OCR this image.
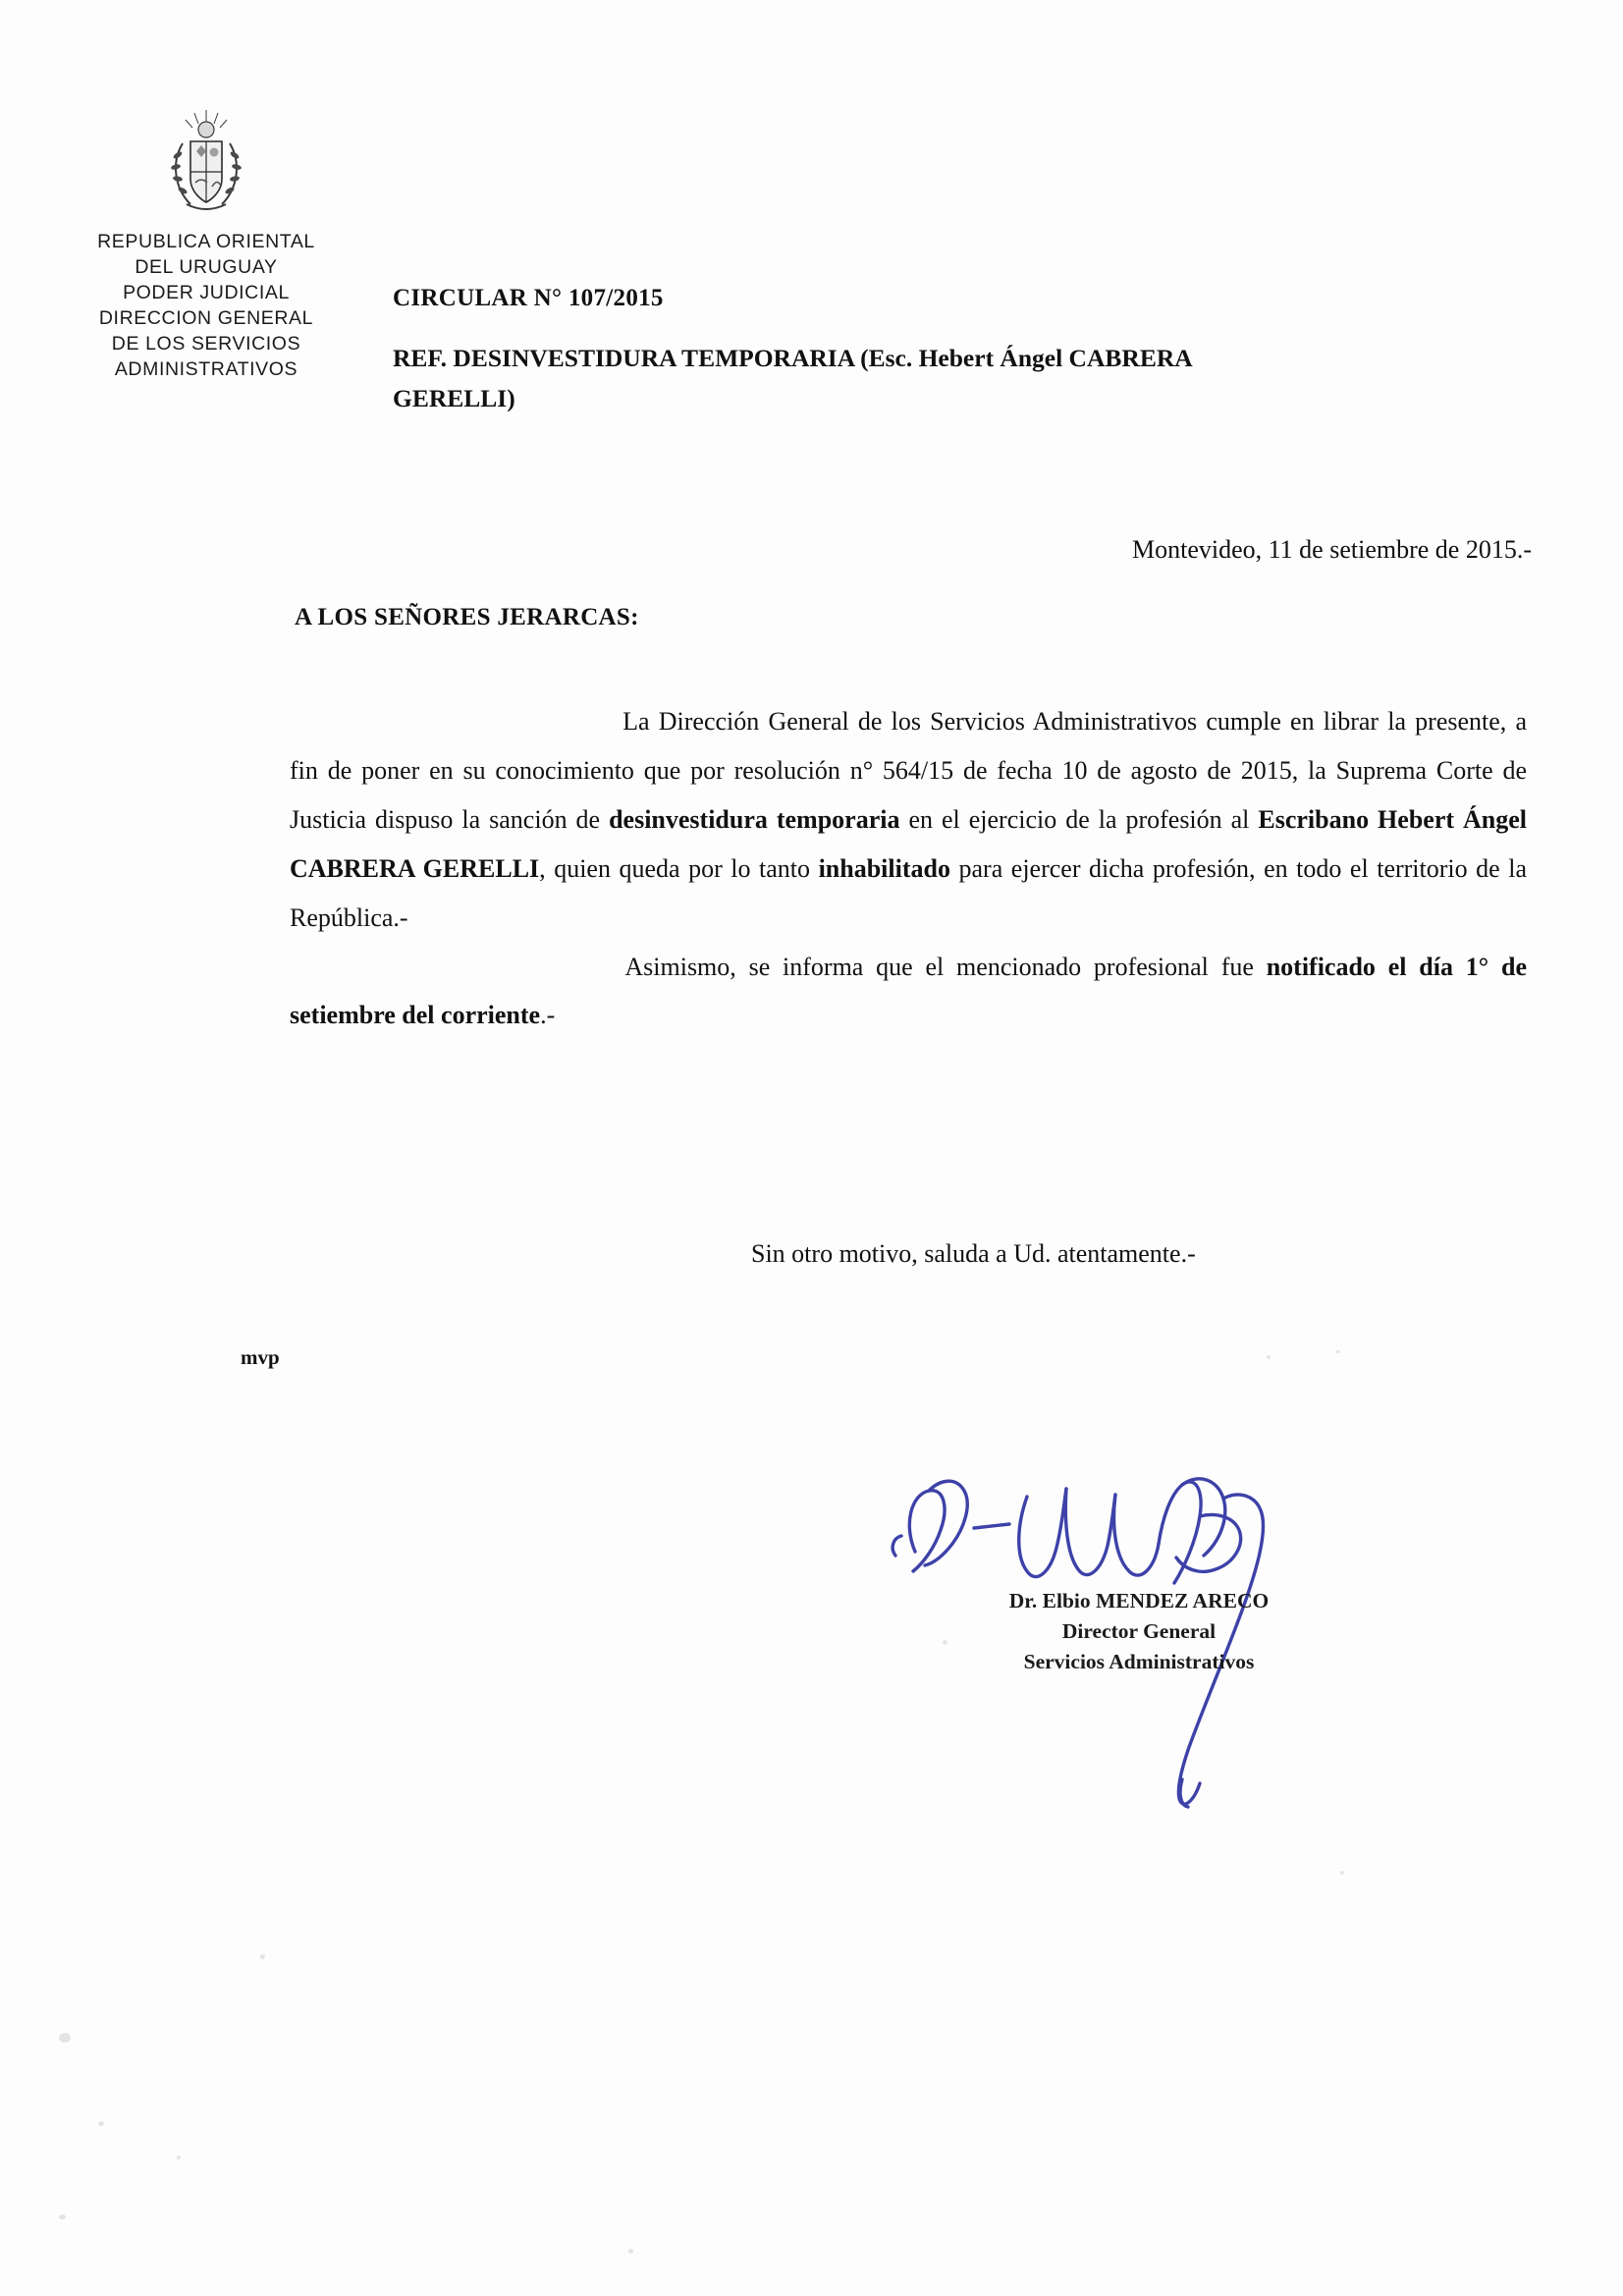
REPUBLICA ORIENTAL
DEL URUGUAY
PODER JUDICIAL
DIRECCION GENERAL
DE LOS SERVICIOS
ADMINISTRATIVOS
CIRCULAR N° 107/2015
REF. DESINVESTIDURA TEMPORARIA (Esc. Hebert Ángel CABRERA
GERELLI)
Montevideo, 11 de setiembre de 2015.-
A LOS SEÑORES JERARCAS:

La Dirección General de los Servicios Administrativos cumple en librar la presente, a fin de poner en su conocimiento que por resolución n° 564/15 de fecha 10 de agosto de 2015, la Suprema Corte de Justicia dispuso la sanción de desinvestidura temporaria en el ejercicio de la profesión al Escribano Hebert Ángel CABRERA GERELLI, quien queda por lo tanto inhabilitado para ejercer dicha profesión, en todo el territorio de la República.-

Asimismo, se informa que el mencionado profesional fue notificado el día 1° de setiembre del corriente.-

Sin otro motivo, saluda a Ud. atentamente.-
mvp
Dr. Elbio MENDEZ ARECO
Director General
Servicios Administrativos
